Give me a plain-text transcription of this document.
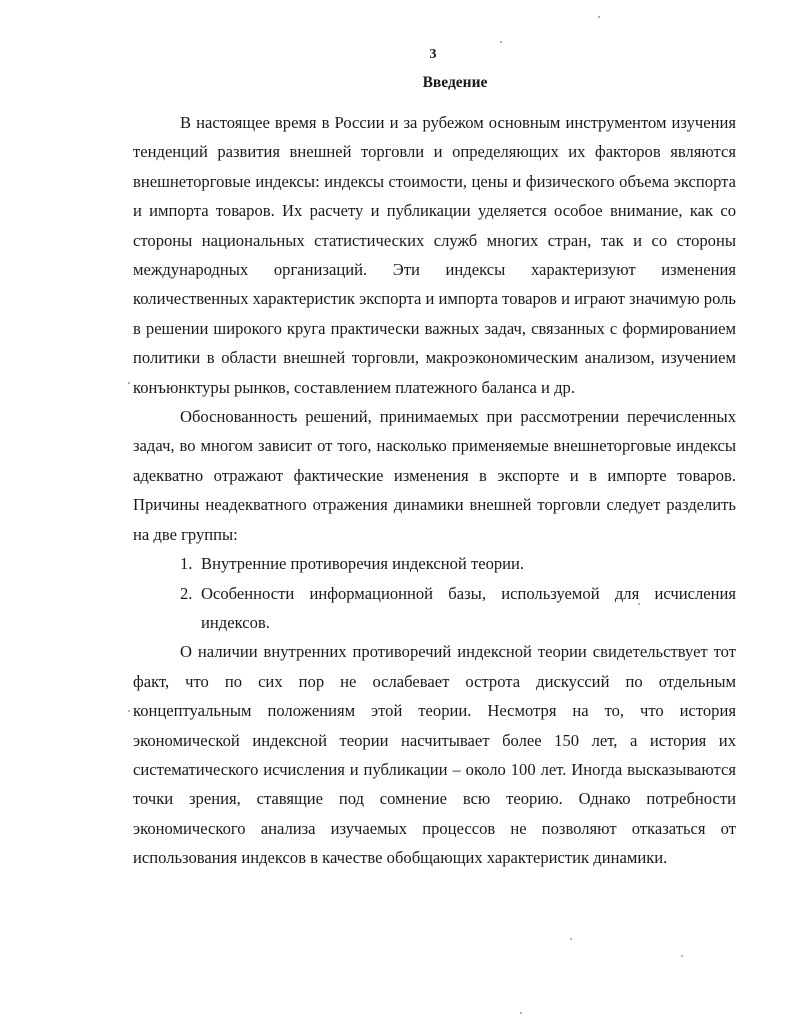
3
Введение

В настоящее время в России и за рубежом основным инструментом изучения тенденций развития внешней торговли и определяющих их факторов являются внешнеторговые индексы: индексы стоимости, цены и физического объема экспорта и импорта товаров. Их расчету и публикации уделяется особое внимание, как со стороны национальных статистических служб многих стран, так и со стороны международных организаций. Эти индексы характеризуют изменения количественных характеристик экспорта и импорта товаров и играют значимую роль в решении широкого круга практически важных задач, связанных с формированием политики в области внешней торговли, макроэкономическим анализом, изучением конъюнктуры рынков, составлением платежного баланса и др.

Обоснованность решений, принимаемых при рассмотрении перечисленных задач, во многом зависит от того, насколько применяемые внешнеторговые индексы адекватно отражают фактические изменения в экспорте и в импорте товаров. Причины неадекватного отражения динамики внешней торговли следует разделить на две группы:

1. Внутренние противоречия индексной теории.
2. Особенности информационной базы, используемой для исчисления индексов.

О наличии внутренних противоречий индексной теории свидетельствует тот факт, что по сих пор не ослабевает острота дискуссий по отдельным концептуальным положениям этой теории. Несмотря на то, что история экономической индексной теории насчитывает более 150 лет, а история их систематического исчисления и публикации – около 100 лет. Иногда высказываются точки зрения, ставящие под сомнение всю теорию. Однако потребности экономического анализа изучаемых процессов не позволяют отказаться от использования индексов в качестве обобщающих характеристик динамики.
